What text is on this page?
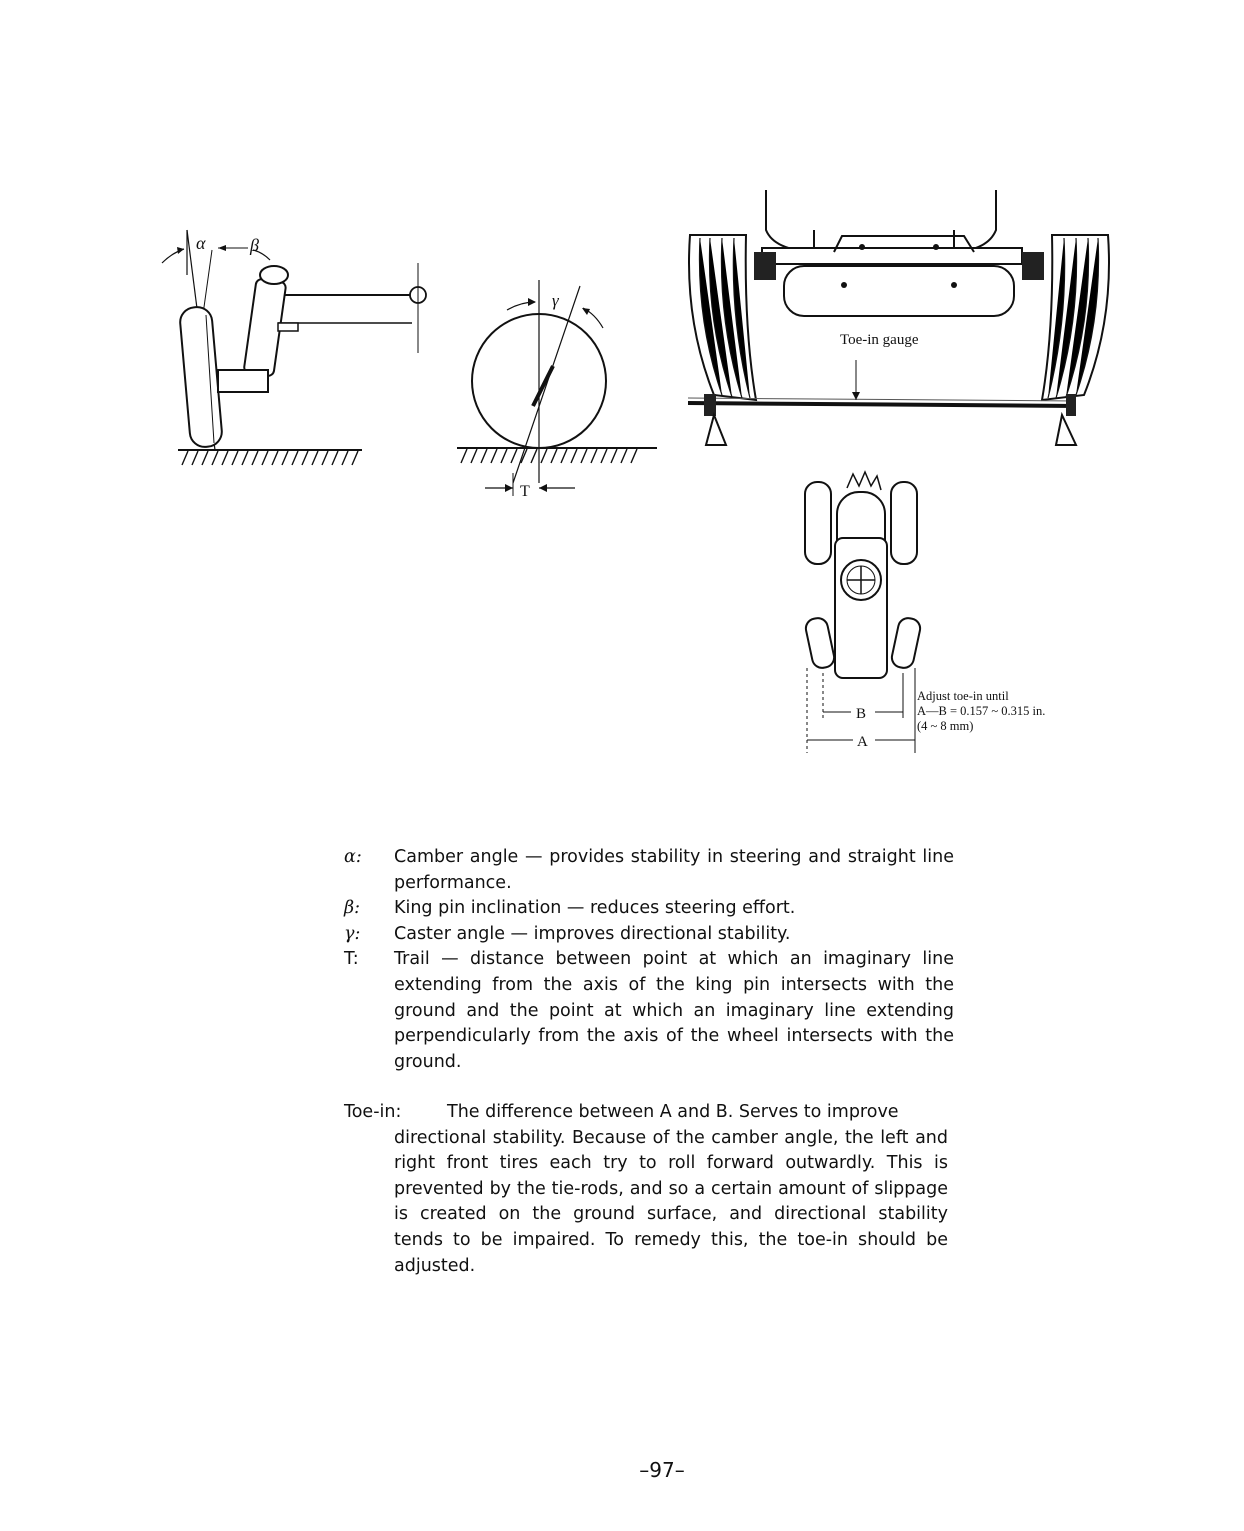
α β
γ
T
Toe-in gauge
B
A
Adjust toe-in until
A—B = 0.157 ~ 0.315 in.
(4 ~ 8 mm)
α: Camber angle — provides stability in steering and straight line performance.

β: King pin inclination — reduces steering effort.

γ: Caster angle — improves directional stability.

T: Trail — distance between point at which an imaginary line extending from the axis of the king pin intersects with the ground and the point at which an imaginary line extending perpendicularly from the axis of the wheel intersects with the ground.

Toe-in:	The difference between A and B. Serves to improve

directional stability. Because of the camber angle, the left and right front tires each try to roll forward outwardly. This is prevented by the tie-rods, and so a certain amount of slippage is created on the ground surface, and directional stability tends to be impaired. To remedy this, the toe-in should be adjusted.

–97–
